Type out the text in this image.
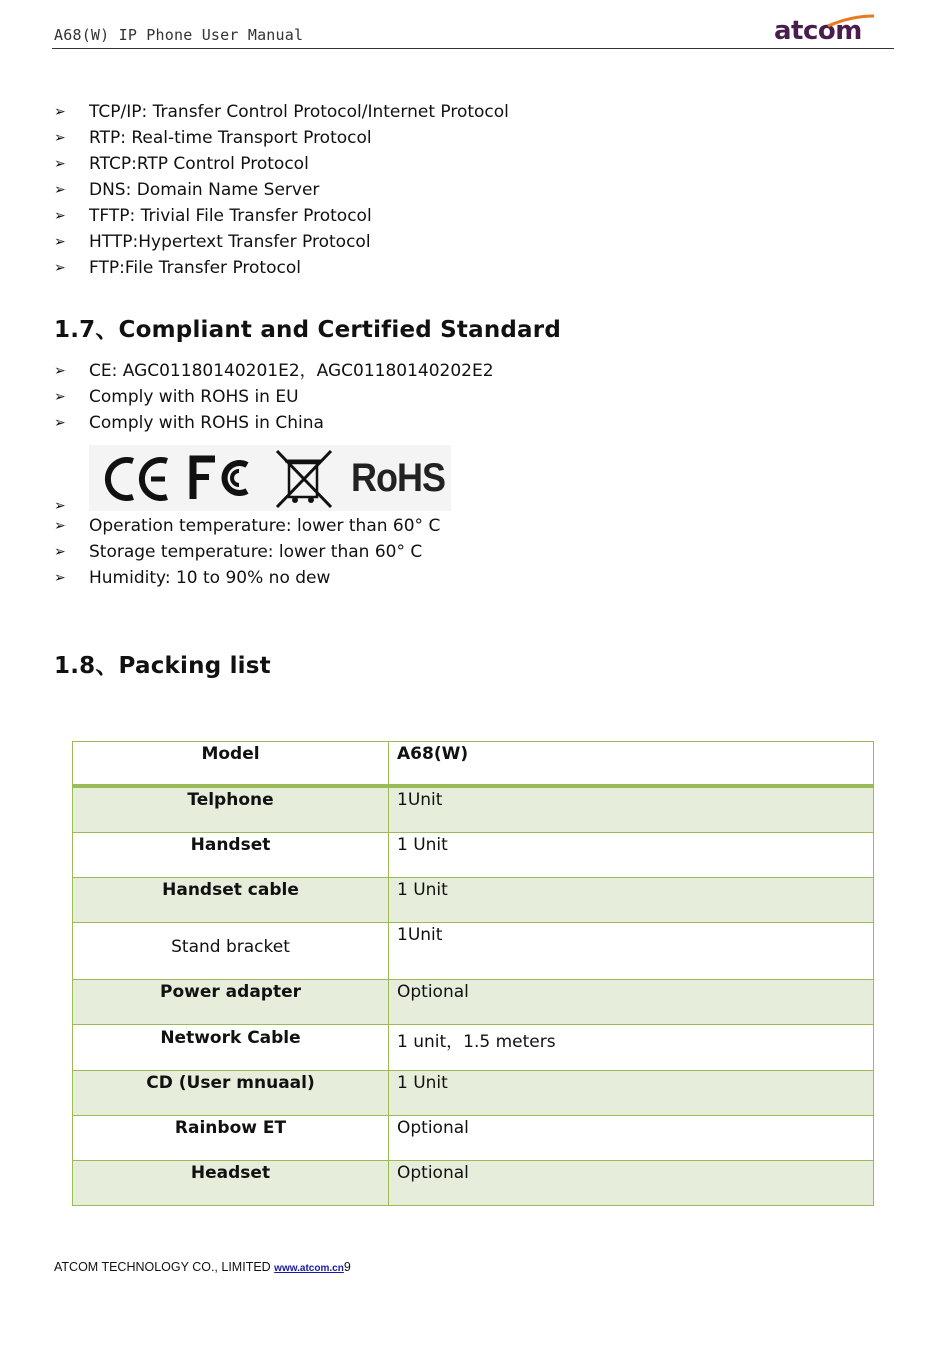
A68(W) IP Phone User Manual	atcom
➢ TCP/IP: Transfer Control Protocol/Internet Protocol
➢ RTP: Real-time Transport Protocol
➢ RTCP:RTP Control Protocol
➢ DNS: Domain Name Server
➢ TFTP: Trivial File Transfer Protocol
➢ HTTP:Hypertext Transfer Protocol
➢ FTP:File Transfer Protocol
1.7、Compliant and Certified Standard
➢ CE: AGC01180140201E2，AGC01180140202E2
➢ Comply with ROHS in EU
➢ Comply with ROHS in China
➢
RoHS
➢ Operation temperature: lower than 60° C
➢ Storage temperature: lower than 60° C
➢ Humidity: 10 to 90% no dew
1.8、Packing list
Model	A68(W)
Telphone	1Unit
Handset	1 Unit
Handset cable	1 Unit
Stand bracket	1Unit
Power adapter	Optional
Network Cable	1 unit，1.5 meters
CD (User mnuaal)	1 Unit
Rainbow ET	Optional
Headset	Optional
ATCOM TECHNOLOGY CO., LIMITED www.atcom.cn9
